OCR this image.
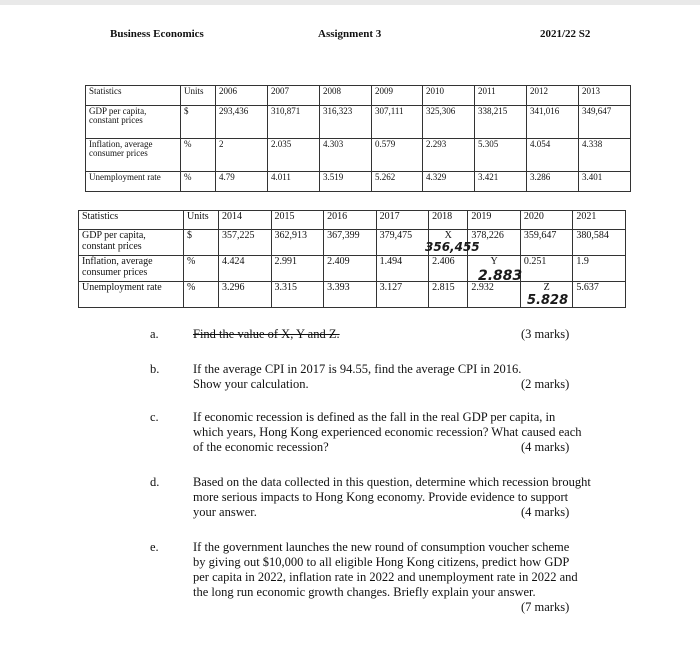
Business Economics	Assignment 3	2021/22 S2
Statistics	Units	2006	2007	2008	2009	2010	2011	2012	2013
GDP per capita, constant prices	$	293,436	310,871	316,323	307,111	325,306	338,215	341,016	349,647
Inflation, average consumer prices	%	2	2.035	4.303	0.579	2.293	5.305	4.054	4.338
Unemployment rate	%	4.79	4.011	3.519	5.262	4.329	3.421	3.286	3.401
Statistics	Units	2014	2015	2016	2017	2018	2019	2020	2021
GDP per capita, constant prices	$	357,225	362,913	367,399	379,475	X	378,226	359,647	380,584
Inflation, average consumer prices	%	4.424	2.991	2.409	1.494	2.406	Y	0.251	1.9
Unemployment rate	%	3.296	3.315	3.393	3.127	2.815	2.932	Z	5.637
356,455
2.883
5.828
a.	Find the value of X, Y and Z.	(3 marks)
b.	If the average CPI in 2017 is 94.55, find the average CPI in 2016. Show your calculation.	(2 marks)
c.	If economic recession is defined as the fall in the real GDP per capita, in which years, Hong Kong experienced economic recession? What caused each of the economic recession?	(4 marks)
d.	Based on the data collected in this question, determine which recession brought more serious impacts to Hong Kong economy. Provide evidence to support your answer.	(4 marks)
e.	If the government launches the new round of consumption voucher scheme by giving out $10,000 to all eligible Hong Kong citizens, predict how GDP per capita in 2022, inflation rate in 2022 and unemployment rate in 2022 and the long run economic growth changes. Briefly explain your answer.
(7 marks)
